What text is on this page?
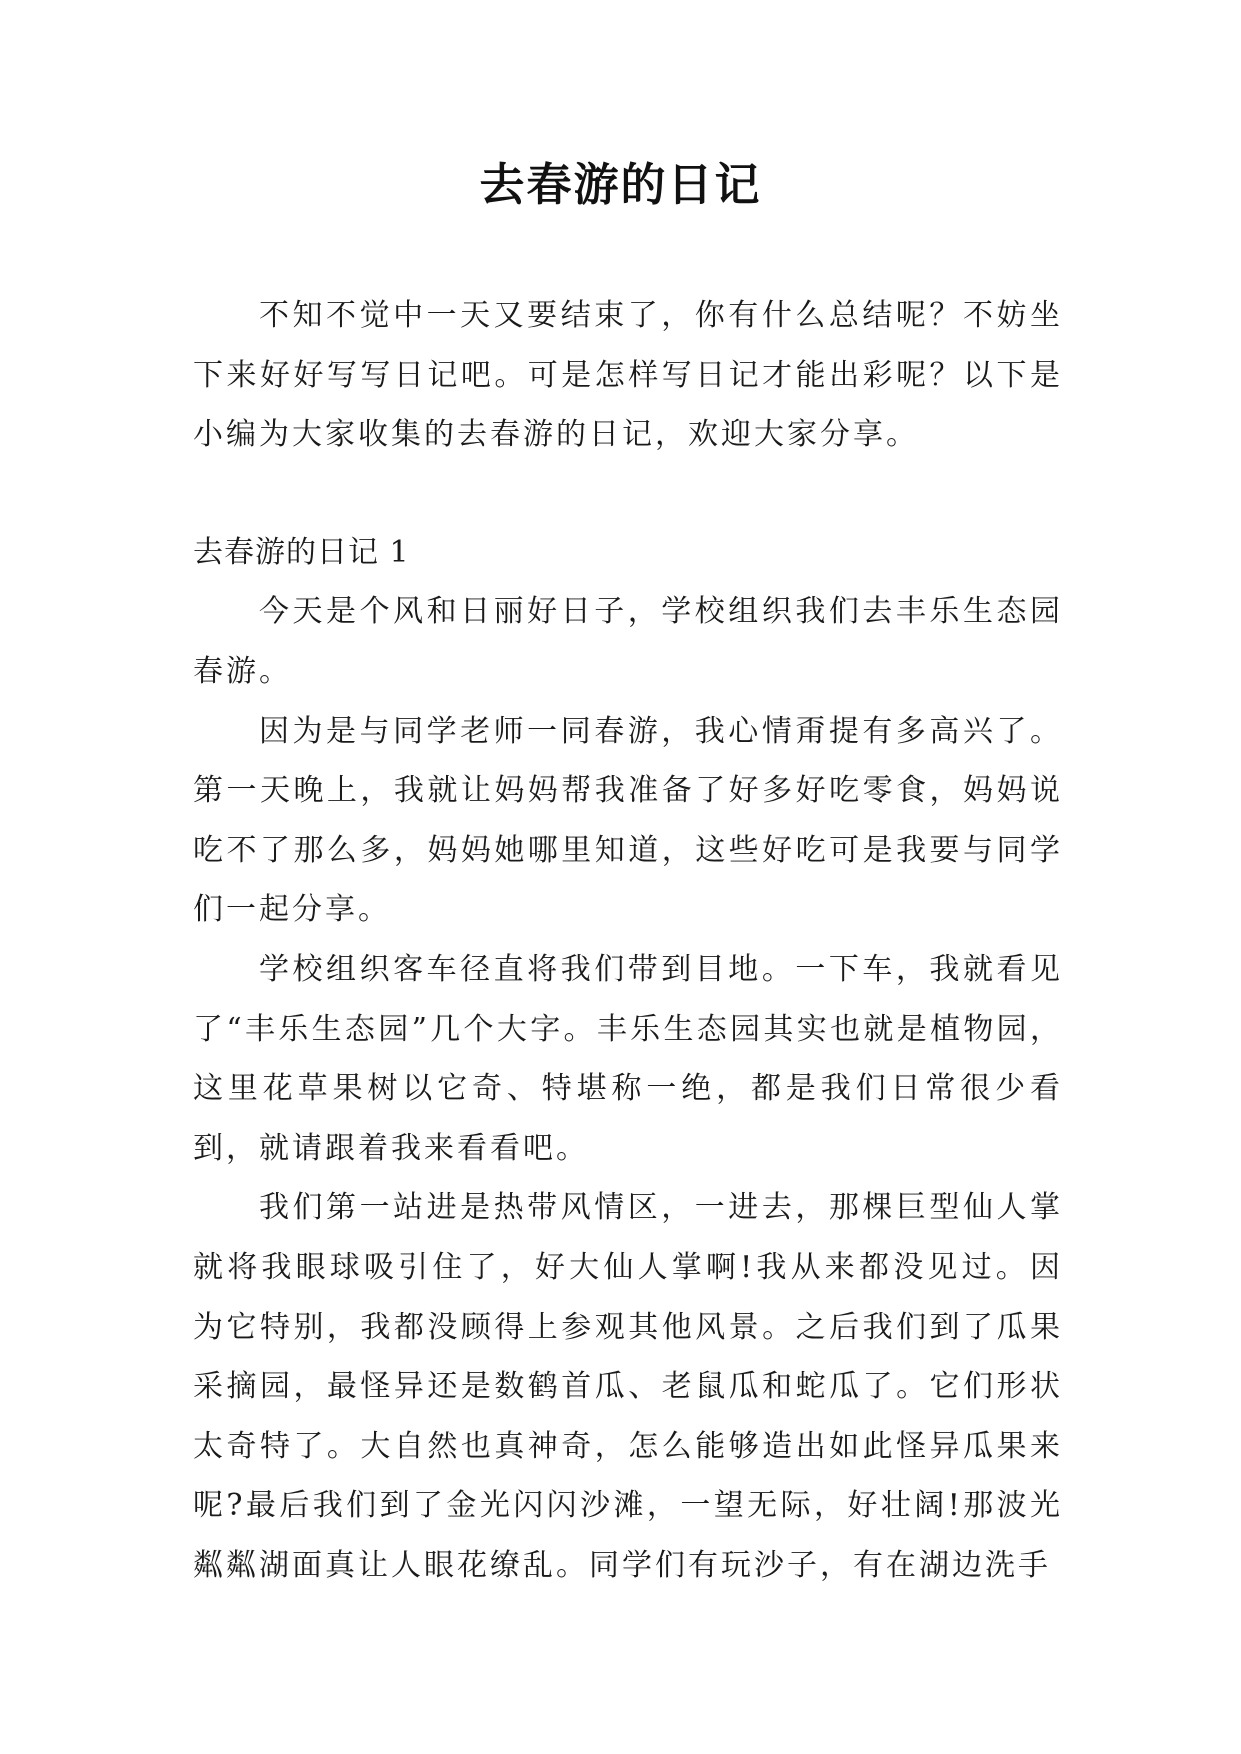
去春游的日记

不知不觉中一天又要结束了，你有什么总结呢？不妨坐下来好好写写日记吧。可是怎样写日记才能出彩呢？以下是小编为大家收集的去春游的日记，欢迎大家分享。

去春游的日记 1

今天是个风和日丽好日子，学校组织我们去丰乐生态园春游。

因为是与同学老师一同春游，我心情甭提有多高兴了。第一天晚上，我就让妈妈帮我准备了好多好吃零食，妈妈说吃不了那么多，妈妈她哪里知道，这些好吃可是我要与同学们一起分享。

学校组织客车径直将我们带到目地。一下车，我就看见了“丰乐生态园”几个大字。丰乐生态园其实也就是植物园，这里花草果树以它奇、特堪称一绝，都是我们日常很少看到，就请跟着我来看看吧。

我们第一站进是热带风情区，一进去，那棵巨型仙人掌就将我眼球吸引住了，好大仙人掌啊!我从来都没见过。因为它特别，我都没顾得上参观其他风景。之后我们到了瓜果采摘园，最怪异还是数鹤首瓜、老鼠瓜和蛇瓜了。它们形状太奇特了。大自然也真神奇，怎么能够造出如此怪异瓜果来呢?最后我们到了金光闪闪沙滩，一望无际，好壮阔!那波光粼粼湖面真让人眼花缭乱。同学们有玩沙子，有在湖边洗手
